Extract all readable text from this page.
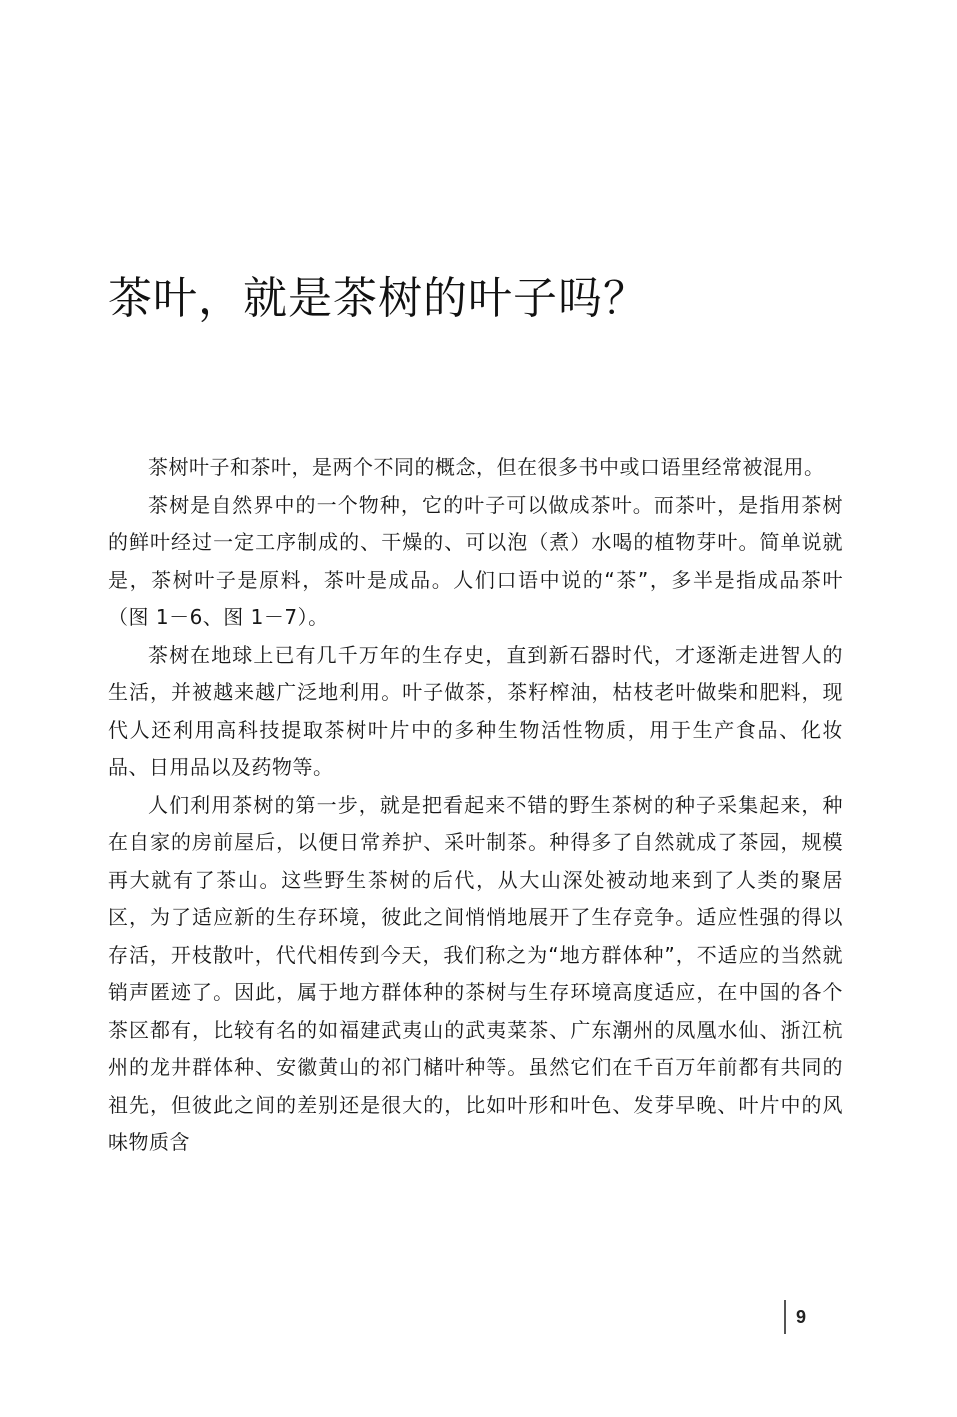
茶叶，就是茶树的叶子吗？

茶树叶子和茶叶，是两个不同的概念，但在很多书中或口语里经常被混用。

茶树是自然界中的一个物种，它的叶子可以做成茶叶。而茶叶，是指用茶树的鲜叶经过一定工序制成的、干燥的、可以泡（煮）水喝的植物芽叶。简单说就是，茶树叶子是原料，茶叶是成品。人们口语中说的“茶”，多半是指成品茶叶（图 1－6、图 1－7）。

茶树在地球上已有几千万年的生存史，直到新石器时代，才逐渐走进智人的生活，并被越来越广泛地利用。叶子做茶，茶籽榨油，枯枝老叶做柴和肥料，现代人还利用高科技提取茶树叶片中的多种生物活性物质，用于生产食品、化妆品、日用品以及药物等。

人们利用茶树的第一步，就是把看起来不错的野生茶树的种子采集起来，种在自家的房前屋后，以便日常养护、采叶制茶。种得多了自然就成了茶园，规模再大就有了茶山。这些野生茶树的后代，从大山深处被动地来到了人类的聚居区，为了适应新的生存环境，彼此之间悄悄地展开了生存竞争。适应性强的得以存活，开枝散叶，代代相传到今天，我们称之为“地方群体种”，不适应的当然就销声匿迹了。因此，属于地方群体种的茶树与生存环境高度适应，在中国的各个茶区都有，比较有名的如福建武夷山的武夷菜茶、广东潮州的凤凰水仙、浙江杭州的龙井群体种、安徽黄山的祁门槠叶种等。虽然它们在千百万年前都有共同的祖先，但彼此之间的差别还是很大的，比如叶形和叶色、发芽早晚、叶片中的风味物质含

9
